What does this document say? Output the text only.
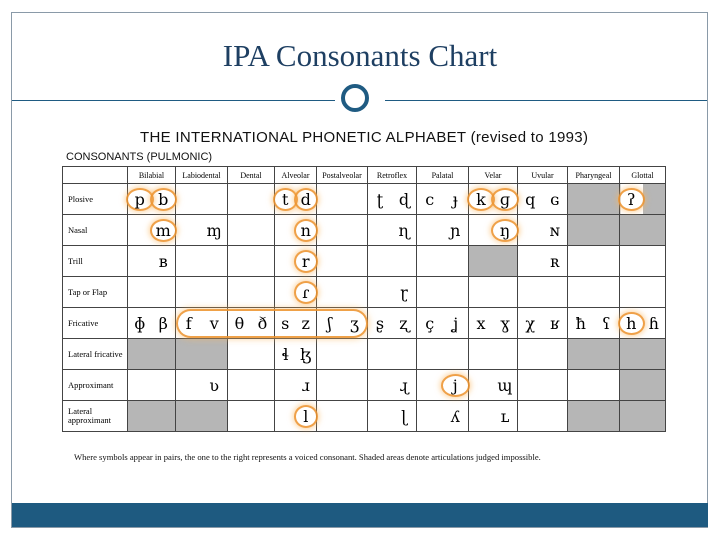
IPA Consonants Chart
THE INTERNATIONAL PHONETIC ALPHABET (revised to 1993)
CONSONANTS (PULMONIC)
	Bilabial	Labiodental	Dental	Alveolar	Postalveolar	Retroflex	Palatal	Velar	Uvular	Pharyngeal	Glottal
Plosive	p b			t d		ʈ ɖ	c ɟ	k ɡ	q ɢ		ʔ

Nasal	m	ɱ		n		ɳ	ɲ	ŋ	ɴ		

Trill	ʙ			r					ʀ		

Tap or Flap				ɾ		ɽ					

Fricative	ɸ β	f v	θ ð	s z	ʃ ʒ	ʂ ʐ	ç ʝ	x ɣ	χ ʁ	ħ ʕ	h ɦ

Lateral fricative				ɬ ɮ							

Approximant		ʋ		ɹ		ɻ	j	ɰ			

Lateral approximant				l		ɭ	ʎ	ʟ			

Where symbols appear in pairs, the one to the right represents a voiced consonant. Shaded areas denote articulations judged impossible.
